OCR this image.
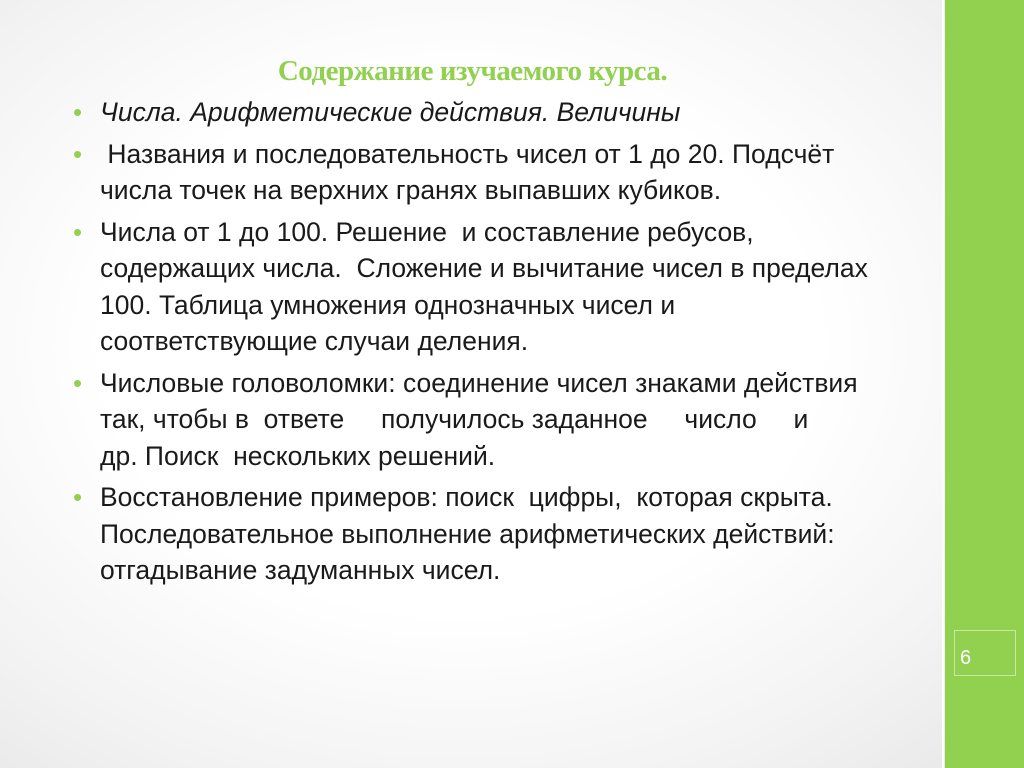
6
Содержание изучаемого курса.
• Числа. Арифметические действия. Величины
• Названия и последовательность чисел от 1 до 20. Подсчёт числа точек на верхних гранях выпавших кубиков.
• Числа от 1 до 100. Решение  и составление ребусов, содержащих числа.  Сложение и вычитание чисел в пределах 100. Таблица умножения однозначных чисел и соответствующие случаи деления.
• Числовые головоломки: соединение чисел знаками действия так, чтобы в  ответе     получилось заданное     число     и     др. Поиск  нескольких решений.
• Восстановление примеров: поиск  цифры,  которая скрыта.   Последовательное выполнение арифметических действий: отгадывание задуманных чисел.
